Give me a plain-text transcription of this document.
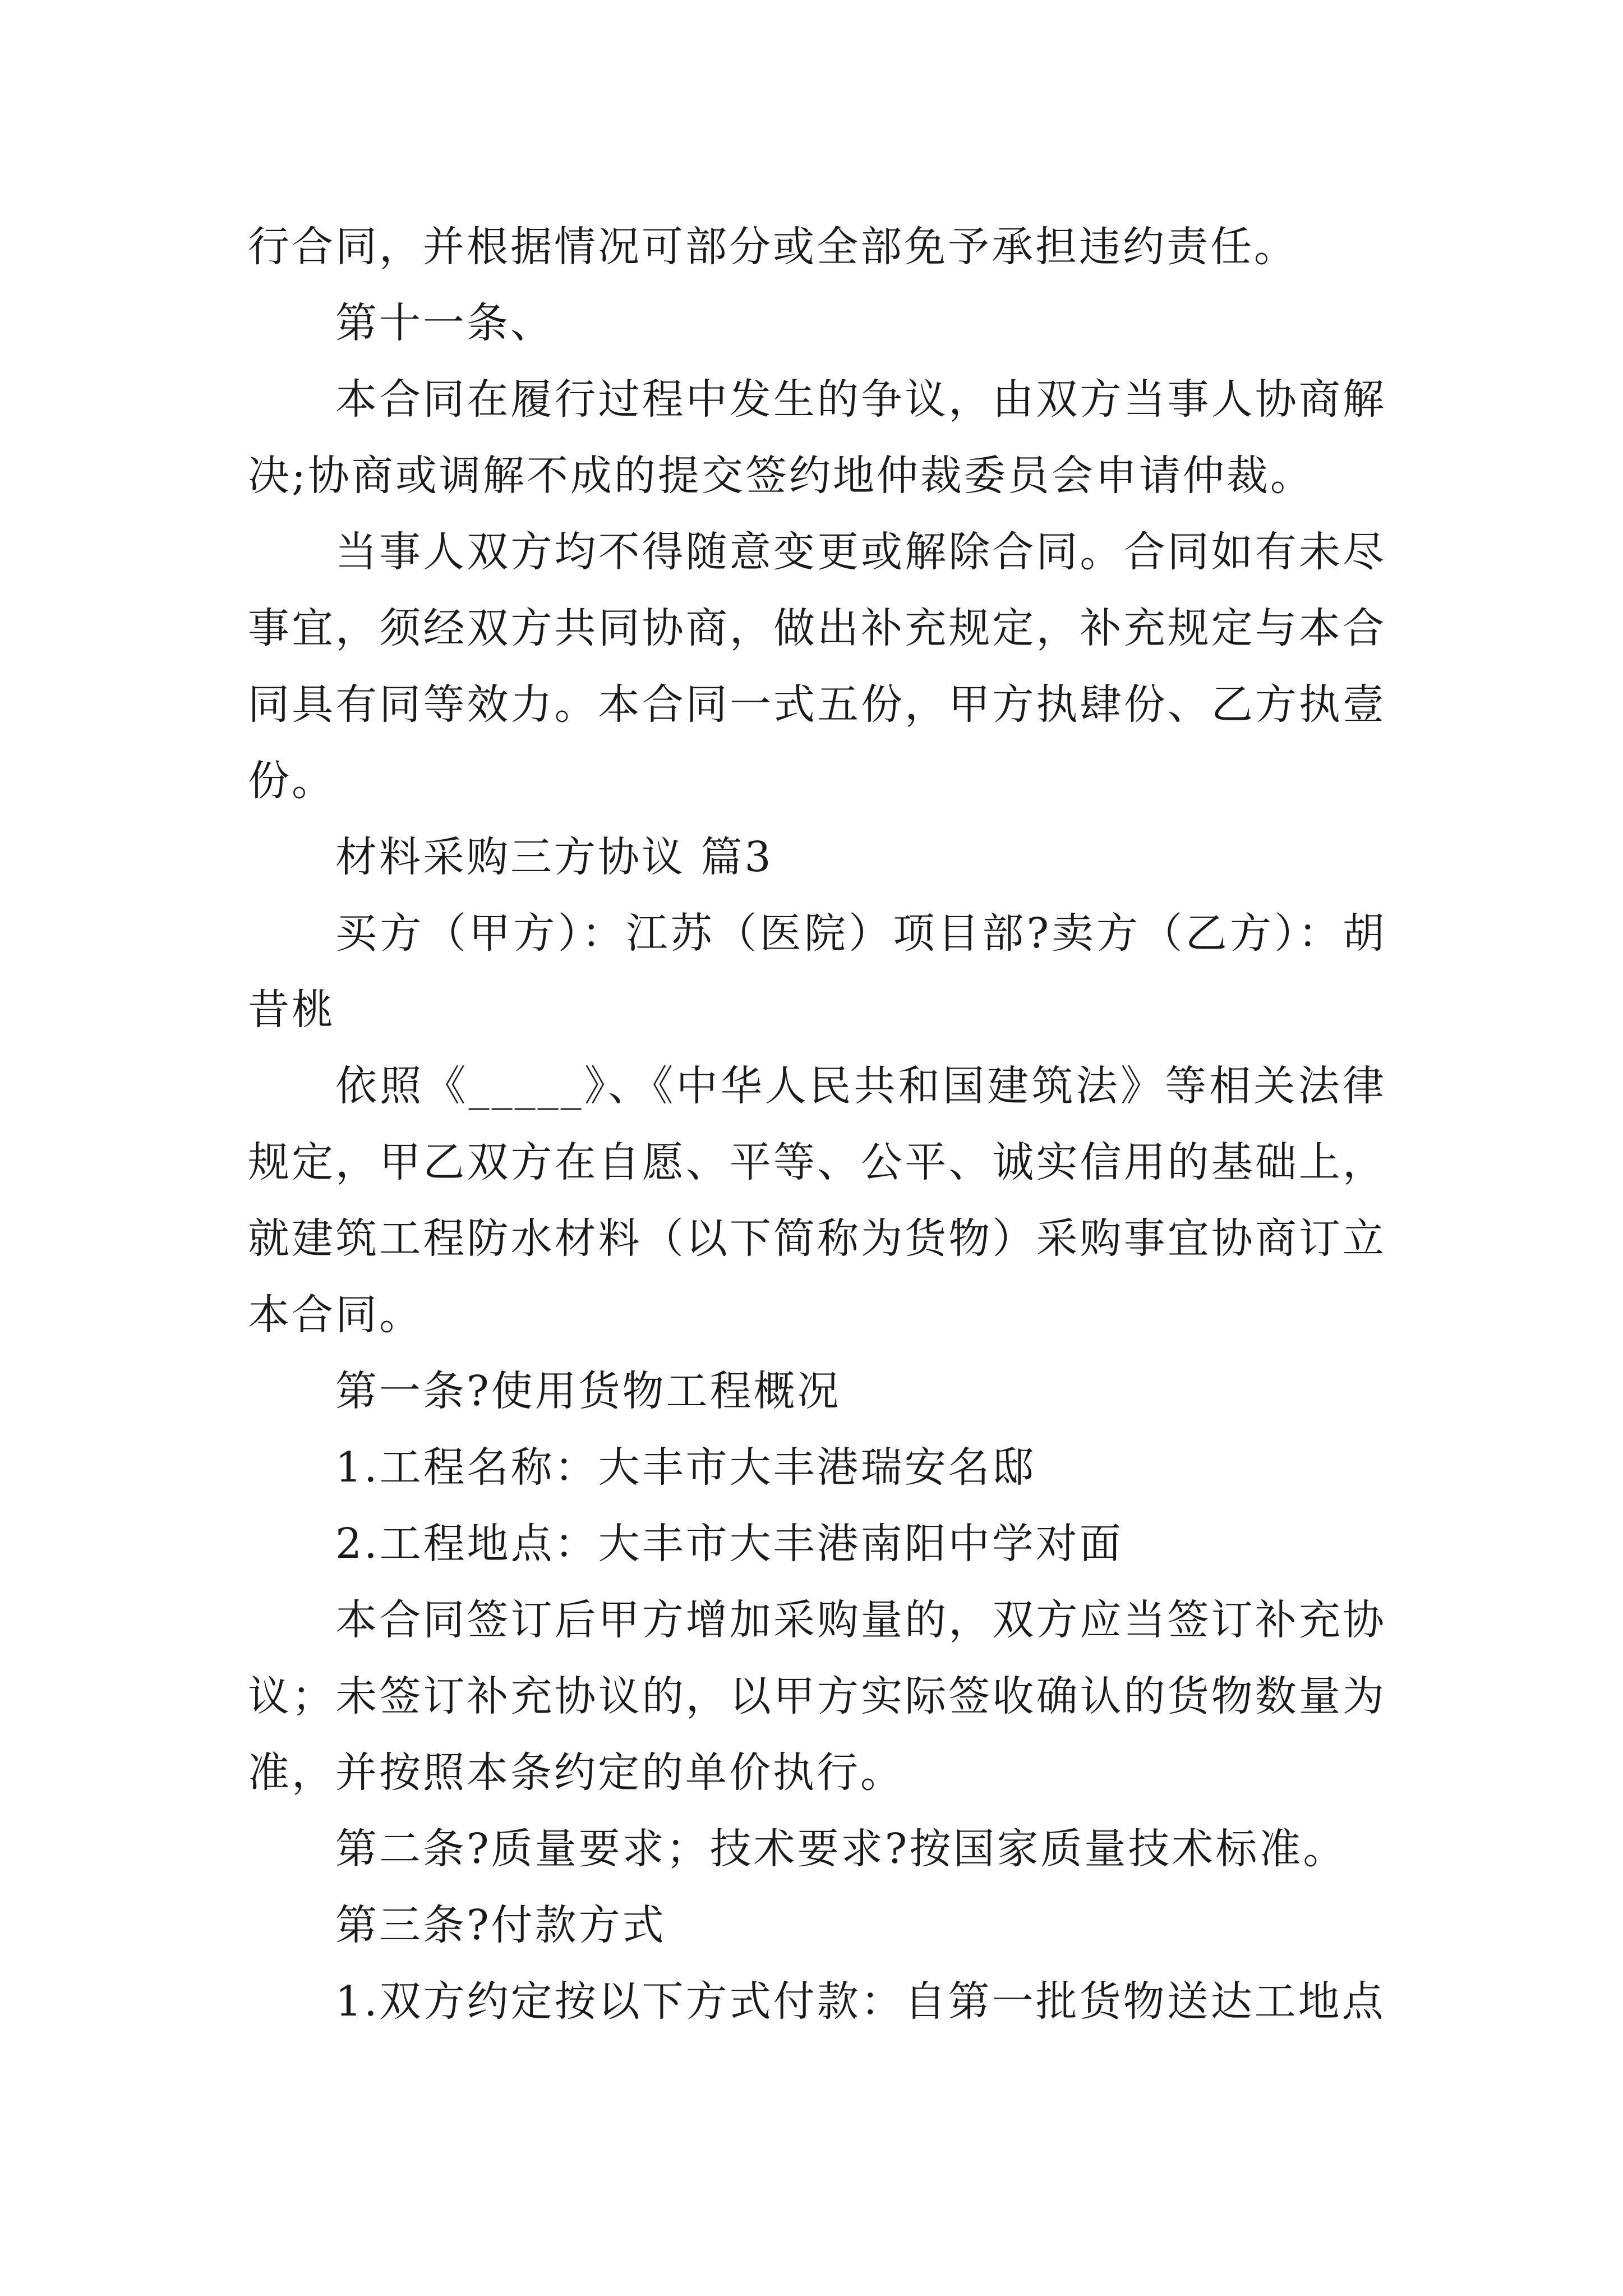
行合同，并根据情况可部分或全部免予承担违约责任。

第十一条、

本合同在履行过程中发生的争议，由双方当事人协商解决;协商或调解不成的提交签约地仲裁委员会申请仲裁。

当事人双方均不得随意变更或解除合同。合同如有未尽事宜，须经双方共同协商，做出补充规定，补充规定与本合同具有同等效力。本合同一式五份，甲方执肆份、乙方执壹份。

材料采购三方协议 篇3

买方（甲方）：江苏（医院）项目部?卖方（乙方）：胡昔桃

依照《_____》、《中华人民共和国建筑法》等相关法律规定，甲乙双方在自愿、平等、公平、诚实信用的基础上，就建筑工程防水材料（以下简称为货物）采购事宜协商订立本合同。

第一条?使用货物工程概况

1.工程名称：大丰市大丰港瑞安名邸

2.工程地点：大丰市大丰港南阳中学对面

本合同签订后甲方增加采购量的，双方应当签订补充协议；未签订补充协议的，以甲方实际签收确认的货物数量为准，并按照本条约定的单价执行。

第二条?质量要求；技术要求?按国家质量技术标准。

第三条?付款方式

1.双方约定按以下方式付款：自第一批货物送达工地点
